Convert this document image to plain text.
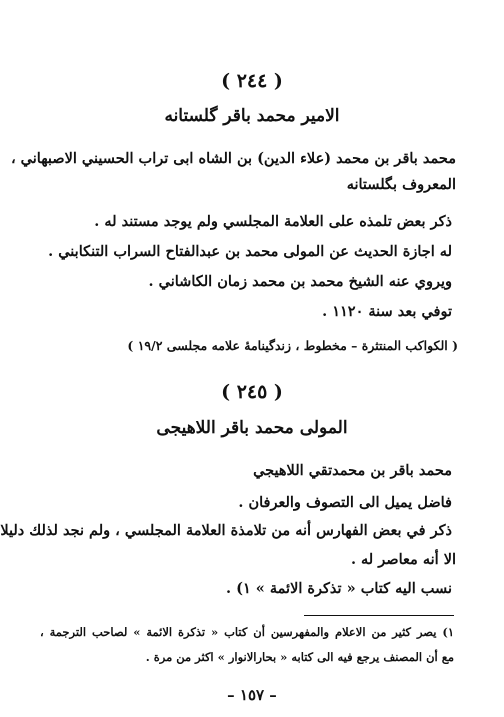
( ٢٤٤ )
الامير محمد باقر گلستانه
محمد باقر بن محمد (علاء الدين) بن الشاه ابى تراب الحسيني الاصبهاني ،
المعروف بگلستانه
ذكر بعض تلمذه على العلامة المجلسي ولم يوجد مستند له .
له اجازة الحديث عن المولى محمد بن عبدالفتاح السراب التنكابني .
ويروي عنه الشيخ محمد بن محمد زمان الكاشاني .
توفي بعد سنة ١١٢٠ .
( الكواكب المنتثرة – مخطوط ، زندگینامۀ علامه مجلسى ١٩/٢ )
( ٢٤٥ )
المولى محمد باقر اللاهيجى
محمد باقر بن محمدتقي اللاهيجي
فاضل يميل الى التصوف والعرفان .
ذكر في بعض الفهارس أنه من تلامذة العلامة المجلسي ، ولم نجد لذلك دليلا
الا أنه معاصر له .
نسب اليه كتاب « تذكرة الائمة » ١) .
١) يصر كثير من الاعلام والمفهرسين أن كتاب « تذكرة الائمة » لصاحب الترجمة ،
مع أن المصنف يرجع فيه الى كتابه « بحارالانوار » اكثر من مرة .
– ١٥٧ –
